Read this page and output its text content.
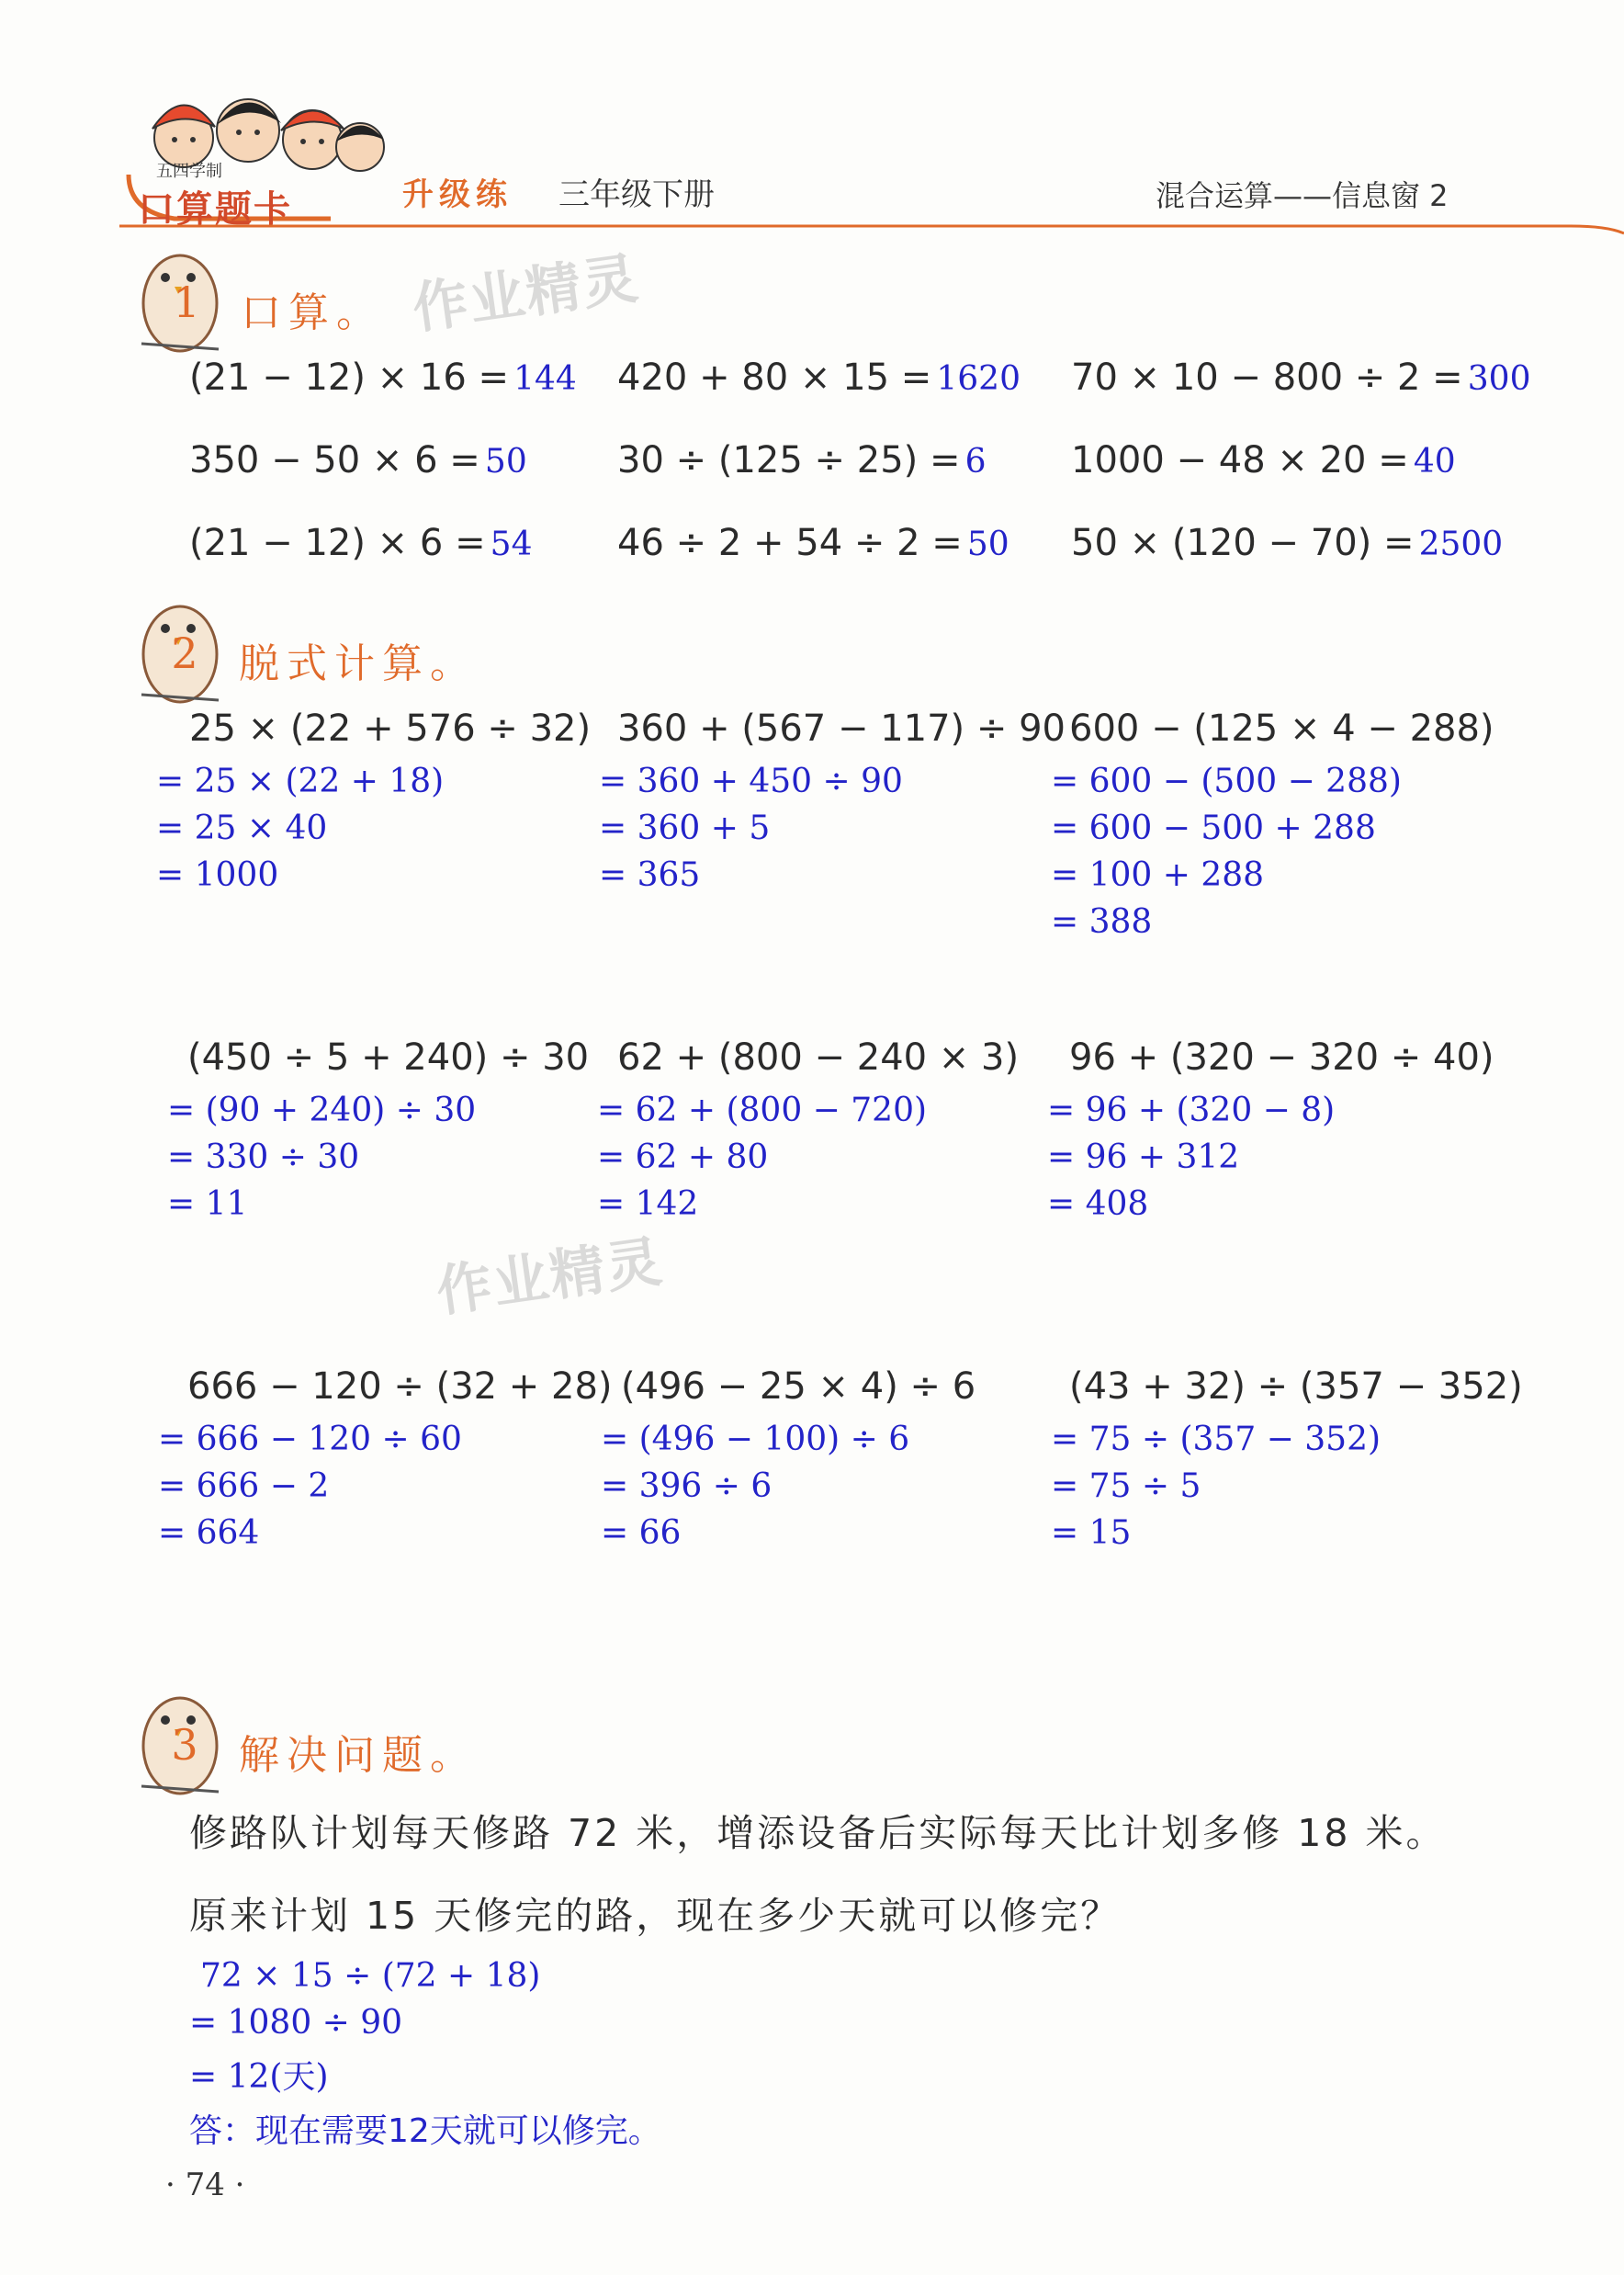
五四学制
口算题卡	升级练 三年级下册	混合运算——信息窗 2
作业精灵
作业精灵
1 口算。
(21 − 12) × 16 = 144 420 + 80 × 15 = 1620 70 × 10 − 800 ÷ 2 = 300
350 − 50 × 6 = 50 30 ÷ (125 ÷ 25) = 6 1000 − 48 × 20 = 40
(21 − 12) × 6 = 54 46 ÷ 2 + 54 ÷ 2 = 50 50 × (120 − 70) = 2500
2 脱式计算。
25 × (22 + 576 ÷ 32)
= 25 × (22 + 18)
= 25 × 40
= 1000
360 + (567 − 117) ÷ 90
= 360 + 450 ÷ 90
= 360 + 5
= 365
600 − (125 × 4 − 288)
= 600 − (500 − 288)
= 600 − 500 + 288
= 100 + 288
= 388
(450 ÷ 5 + 240) ÷ 30
= (90 + 240) ÷ 30
= 330 ÷ 30
= 11
62 + (800 − 240 × 3)
= 62 + (800 − 720)
= 62 + 80
= 142
96 + (320 − 320 ÷ 40)
= 96 + (320 − 8)
= 96 + 312
= 408
666 − 120 ÷ (32 + 28)
= 666 − 120 ÷ 60
= 666 − 2
= 664
(496 − 25 × 4) ÷ 6
= (496 − 100) ÷ 6
= 396 ÷ 6
= 66
(43 + 32) ÷ (357 − 352)
= 75 ÷ (357 − 352)
= 75 ÷ 5
= 15
3 解决问题。
修路队计划每天修路 72 米，增添设备后实际每天比计划多修 18 米。
原来计划 15 天修完的路，现在多少天就可以修完？
72 × 15 ÷ (72 + 18)
= 1080 ÷ 90
= 12(天)
答：现在需要12天就可以修完。
· 74 ·
